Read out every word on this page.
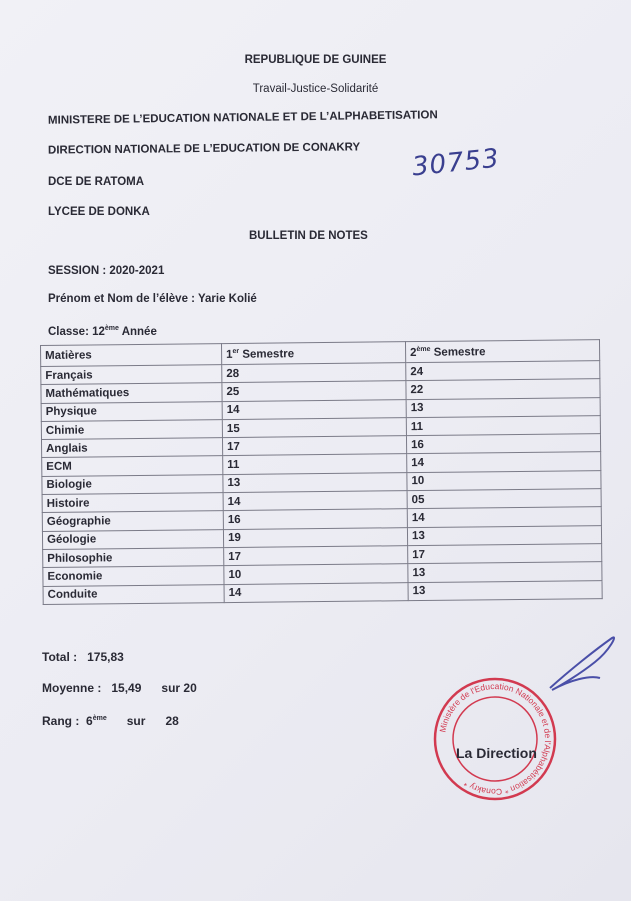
REPUBLIQUE DE GUINEE
Travail-Justice-Solidarité
MINISTERE DE L’EDUCATION NATIONALE ET DE L’ALPHABETISATION
DIRECTION NATIONALE DE L’EDUCATION DE CONAKRY 30753
DCE DE RATOMA
LYCEE DE DONKA
BULLETIN DE NOTES
SESSION : 2020-2021
Prénom et Nom de l’élève : Yarie Kolié
Classe: 12ème Année
Matières	1er Semestre	2ème Semestre
Français	28	24
Mathématiques	25	22
Physique	14	13
Chimie	15	11
Anglais	17	16
ECM	11	14
Biologie	13	10
Histoire	14	05
Géographie	16	14
Géologie	19	13
Philosophie	17	17
Economie	10	13
Conduite	14	13
Total : 175,83
Moyenne : 15,49 sur 20
Rang : 6ème sur 28
Ministère de l'Education Nationale et de l'Alphabétisation * Conakry *
La Direction
